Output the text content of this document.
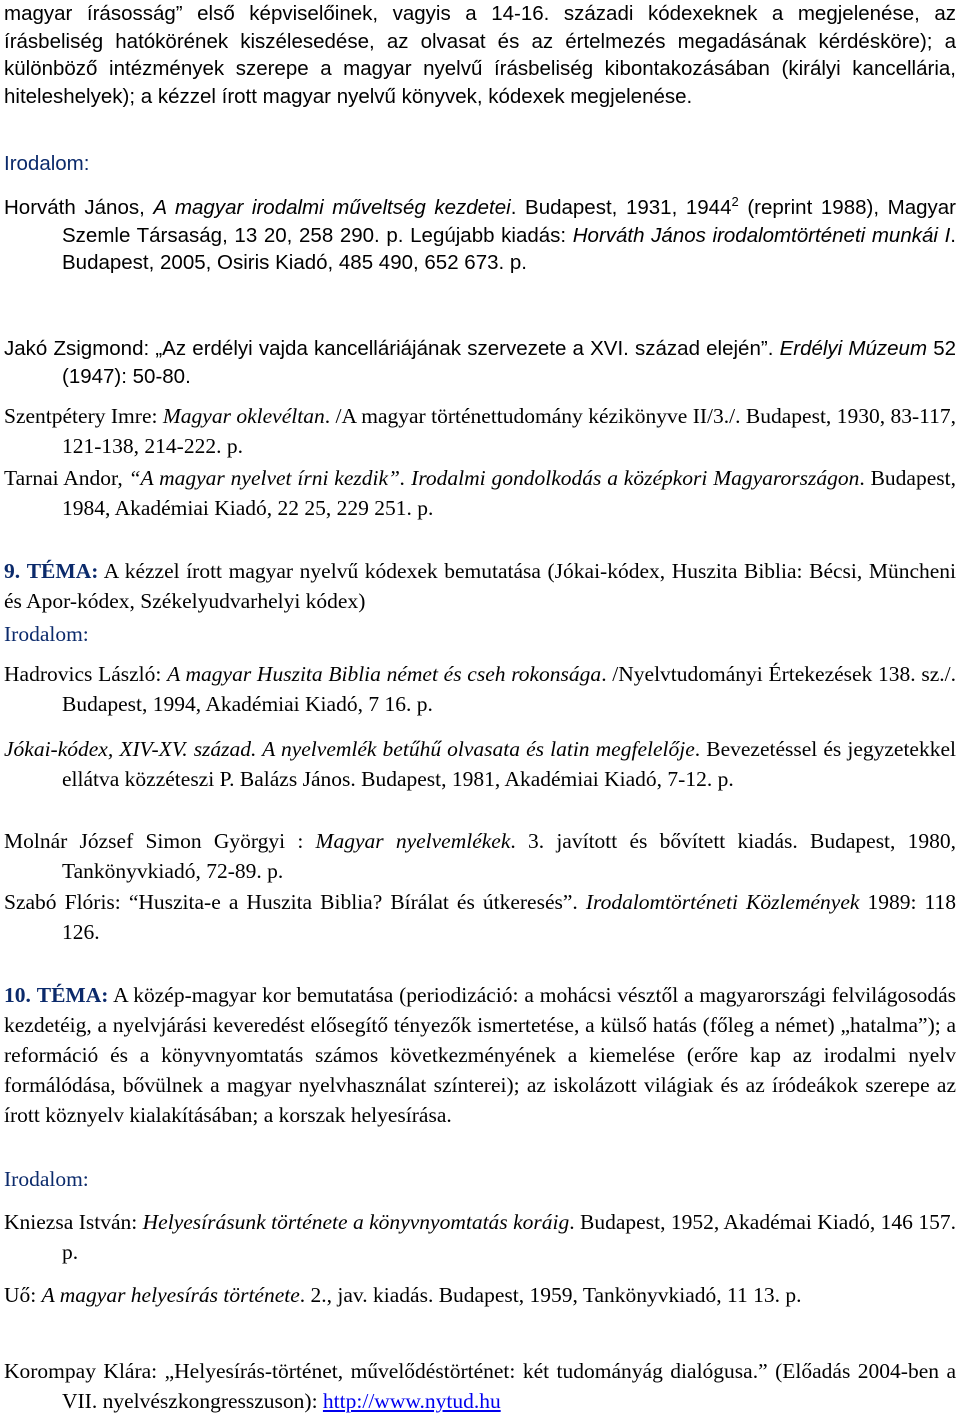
magyar írásosság” első képviselőinek, vagyis a 14-16. századi kódexeknek a megjelenése, az írásbeliség hatókörének kiszélesedése, az olvasat és az értelmezés megadásának kérdésköre); a különböző intézmények szerepe a magyar nyelvű írásbeliség kibontakozásában (királyi kancellária, hiteleshelyek); a kézzel írott magyar nyelvű könyvek, kódexek megjelenése.
Irodalom:
Horváth János, A magyar irodalmi műveltség kezdetei. Budapest, 1931, 1944$^2$ (reprint 1988), Magyar Szemle Társaság, 13 20, 258 290. p. Legújabb kiadás: Horváth János irodalomtörténeti munkái I. Budapest, 2005, Osiris Kiadó, 485 490, 652 673. p.
Jakó Zsigmond: „Az erdélyi vajda kancelláriájának szervezete a XVI. század elején”. Erdélyi Múzeum 52 (1947): 50-80.
Szentpétery Imre: Magyar oklevéltan. /A magyar történettudomány kézikönyve II/3./. Budapest, 1930, 83-117, 121-138, 214-222. p.
Tarnai Andor, “A magyar nyelvet írni kezdik”. Irodalmi gondolkodás a középkori Magyarországon. Budapest, 1984, Akadémiai Kiadó, 22 25, 229 251. p.
9. TÉMA: A kézzel írott magyar nyelvű kódexek bemutatása (Jókai-kódex, Huszita Biblia: Bécsi, Müncheni és Apor-kódex, Székelyudvarhelyi kódex)
Irodalom:
Hadrovics László: A magyar Huszita Biblia német és cseh rokonsága. /Nyelvtudományi Értekezések 138. sz./. Budapest, 1994, Akadémiai Kiadó, 7 16. p.
Jókai-kódex, XIV-XV. század. A nyelvemlék betűhű olvasata és latin megfelelője. Bevezetéssel és jegyzetekkel ellátva közzéteszi P. Balázs János. Budapest, 1981, Akadémiai Kiadó, 7-12. p.
Molnár József Simon Györgyi : Magyar nyelvemlékek. 3. javított és bővített kiadás. Budapest, 1980, Tankönyvkiadó, 72-89. p.
Szabó Flóris: “Huszita-e a Huszita Biblia? Bírálat és útkeresés”. Irodalomtörténeti Közlemények 1989: 118 126.
10. TÉMA: A közép-magyar kor bemutatása (periodizáció: a mohácsi vésztől a magyarországi felvilágosodás kezdetéig, a nyelvjárási keveredést elősegítő tényezők ismertetése, a külső hatás (főleg a német) „hatalma”); a reformáció és a könyvnyomtatás számos következményének a kiemelése (erőre kap az irodalmi nyelv formálódása, bővülnek a magyar nyelvhasználat színterei); az iskolázott világiak és az íródeákok szerepe az írott köznyelv kialakításában; a korszak helyesírása.
Irodalom:
Kniezsa István: Helyesírásunk története a könyvnyomtatás koráig. Budapest, 1952, Akadémai Kiadó, 146 157. p.
Uő: A magyar helyesírás története. 2., jav. kiadás. Budapest, 1959, Tankönyvkiadó, 11 13. p.
Korompay Klára: „Helyesírás-történet, művelődéstörténet: két tudományág dialógusa.” (Előadás 2004-ben a VII. nyelvészkongresszuson): http://www.nytud.hu
